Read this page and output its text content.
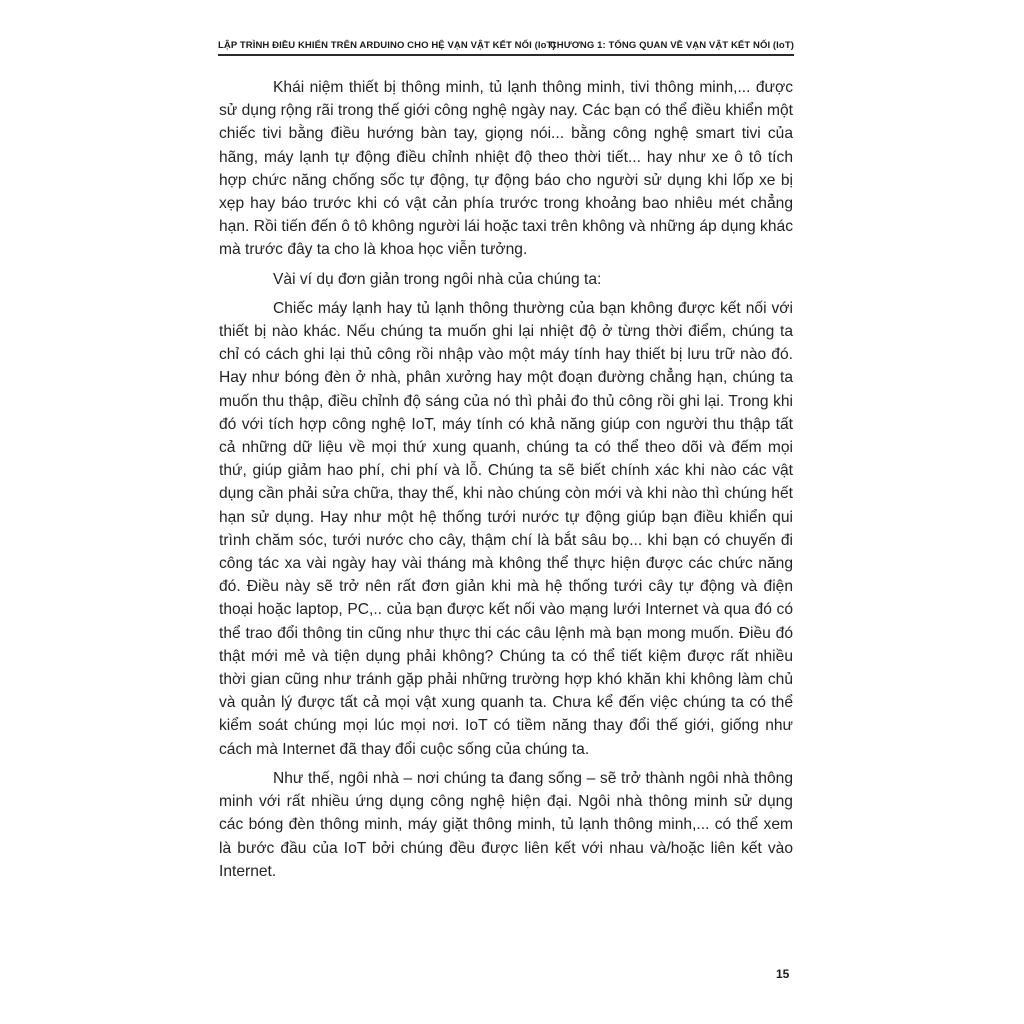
LẬP TRÌNH ĐIỀU KHIỂN TRÊN ARDUINO CHO HỆ VẠN VẬT KẾT NỐI (IoT)
CHƯƠNG 1: TỔNG QUAN VỀ VẠN VẬT KẾT NỐI (IoT)

Khái niệm thiết bị thông minh, tủ lạnh thông minh, tivi thông minh,... được sử dụng rộng rãi trong thế giới công nghệ ngày nay. Các bạn có thể điều khiển một chiếc tivi bằng điều hướng bàn tay, giọng nói... bằng công nghệ smart tivi của hãng, máy lạnh tự động điều chỉnh nhiệt độ theo thời tiết... hay như xe ô tô tích hợp chức năng chống sốc tự động, tự động báo cho người sử dụng khi lốp xe bị xẹp hay báo trước khi có vật cản phía trước trong khoảng bao nhiêu mét chẳng hạn. Rồi tiến đến ô tô không người lái hoặc taxi trên không và những áp dụng khác mà trước đây ta cho là khoa học viễn tưởng.

Vài ví dụ đơn giản trong ngôi nhà của chúng ta:

Chiếc máy lạnh hay tủ lạnh thông thường của bạn không được kết nối với thiết bị nào khác. Nếu chúng ta muốn ghi lại nhiệt độ ở từng thời điểm, chúng ta chỉ có cách ghi lại thủ công rồi nhập vào một máy tính hay thiết bị lưu trữ nào đó. Hay như bóng đèn ở nhà, phân xưởng hay một đoạn đường chẳng hạn, chúng ta muốn thu thập, điều chỉnh độ sáng của nó thì phải đo thủ công rồi ghi lại. Trong khi đó với tích hợp công nghệ IoT, máy tính có khả năng giúp con người thu thập tất cả những dữ liệu về mọi thứ xung quanh, chúng ta có thể theo dõi và đếm mọi thứ, giúp giảm hao phí, chi phí và lỗ. Chúng ta sẽ biết chính xác khi nào các vật dụng cần phải sửa chữa, thay thế, khi nào chúng còn mới và khi nào thì chúng hết hạn sử dụng. Hay như một hệ thống tưới nước tự động giúp bạn điều khiển qui trình chăm sóc, tưới nước cho cây, thậm chí là bắt sâu bọ... khi bạn có chuyến đi công tác xa vài ngày hay vài tháng mà không thể thực hiện được các chức năng đó. Điều này sẽ trở nên rất đơn giản khi mà hệ thống tưới cây tự động và điện thoại hoặc laptop, PC,.. của bạn được kết nối vào mạng lưới Internet và qua đó có thể trao đổi thông tin cũng như thực thi các câu lệnh mà bạn mong muốn. Điều đó thật mới mẻ và tiện dụng phải không? Chúng ta có thể tiết kiệm được rất nhiều thời gian cũng như tránh gặp phải những trường hợp khó khăn khi không làm chủ và quản lý được tất cả mọi vật xung quanh ta. Chưa kể đến việc chúng ta có thể kiểm soát chúng mọi lúc mọi nơi. IoT có tiềm năng thay đổi thế giới, giống như cách mà Internet đã thay đổi cuộc sống của chúng ta.

Như thế, ngôi nhà – nơi chúng ta đang sống – sẽ trở thành ngôi nhà thông minh với rất nhiều ứng dụng công nghệ hiện đại. Ngôi nhà thông minh sử dụng các bóng đèn thông minh, máy giặt thông minh, tủ lạnh thông minh,... có thể xem là bước đầu của IoT bởi chúng đều được liên kết với nhau và/hoặc liên kết vào Internet.

15
